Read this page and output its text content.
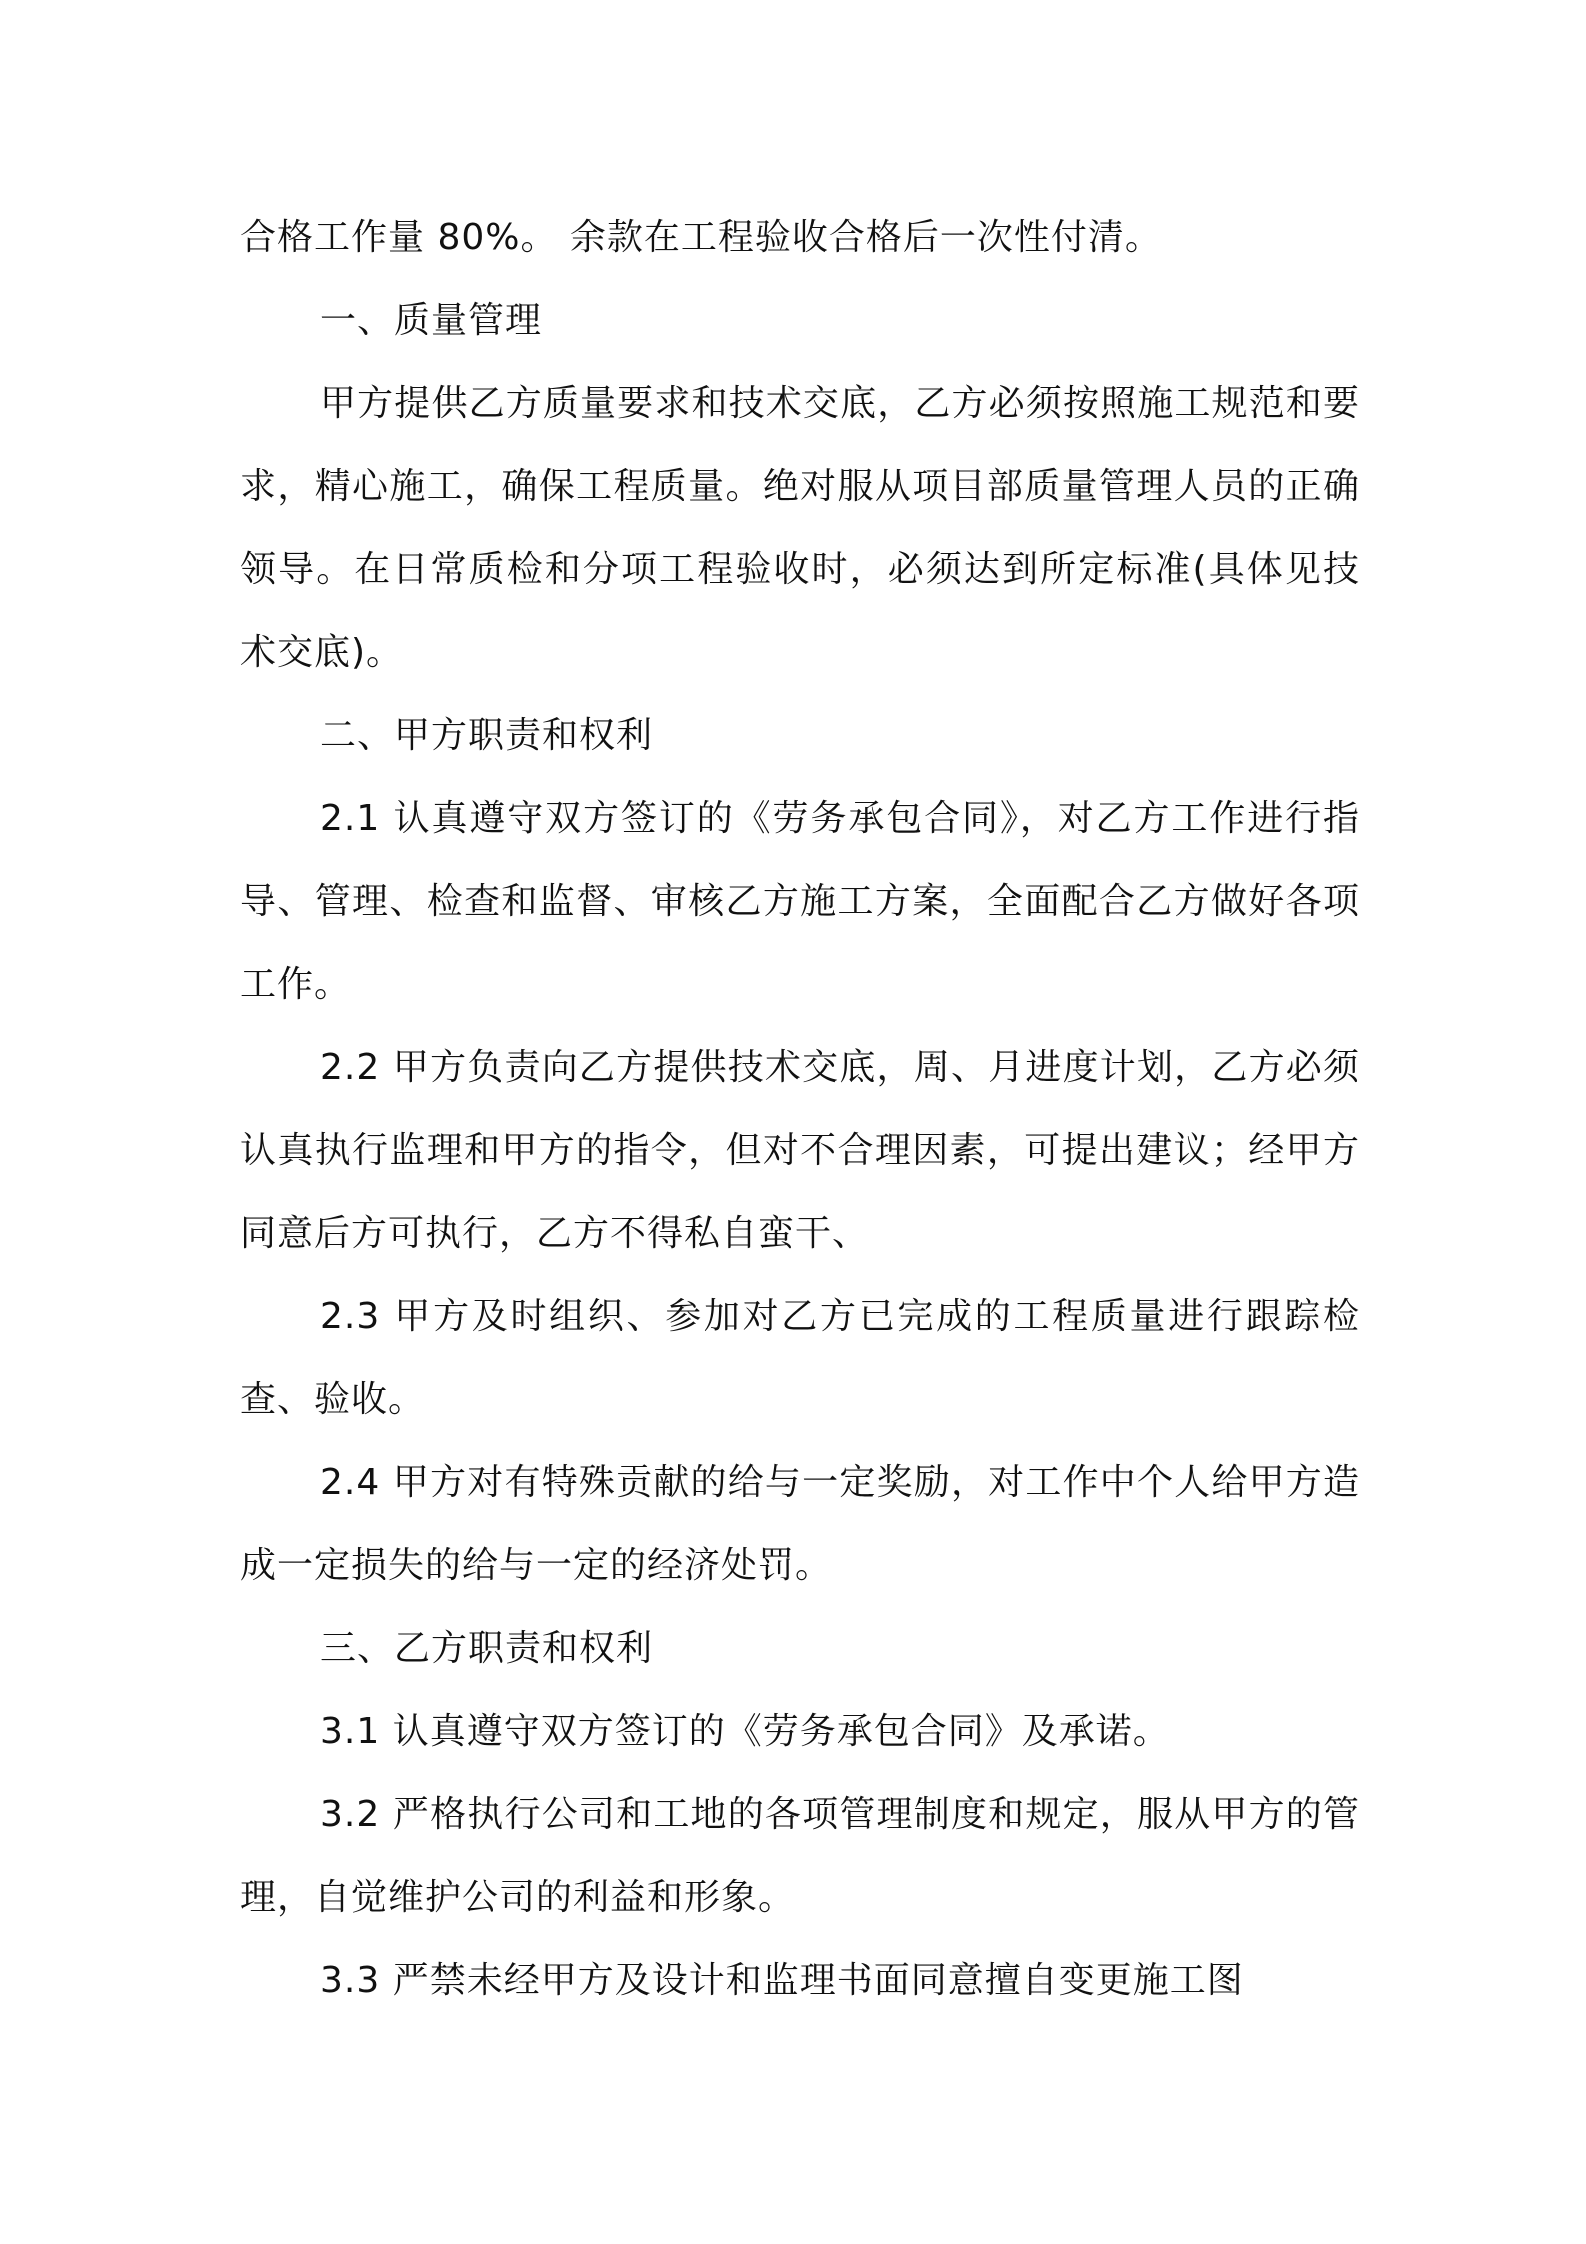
合格工作量 80%。 余款在工程验收合格后一次性付清。

一、质量管理

甲方提供乙方质量要求和技术交底，乙方必须按照施工规范和要求，精心施工，确保工程质量。绝对服从项目部质量管理人员的正确领导。在日常质检和分项工程验收时，必须达到所定标准(具体见技术交底)。

二、甲方职责和权利

2.1 认真遵守双方签订的《劳务承包合同》，对乙方工作进行指导、管理、检查和监督、审核乙方施工方案，全面配合乙方做好各项工作。

2.2 甲方负责向乙方提供技术交底，周、月进度计划，乙方必须认真执行监理和甲方的指令，但对不合理因素，可提出建议；经甲方同意后方可执行，乙方不得私自蛮干、

2.3 甲方及时组织、参加对乙方已完成的工程质量进行跟踪检查、验收。

2.4 甲方对有特殊贡献的给与一定奖励，对工作中个人给甲方造成一定损失的给与一定的经济处罚。

三、乙方职责和权利

3.1 认真遵守双方签订的《劳务承包合同》及承诺。

3.2 严格执行公司和工地的各项管理制度和规定，服从甲方的管理，自觉维护公司的利益和形象。

3.3 严禁未经甲方及设计和监理书面同意擅自变更施工图
